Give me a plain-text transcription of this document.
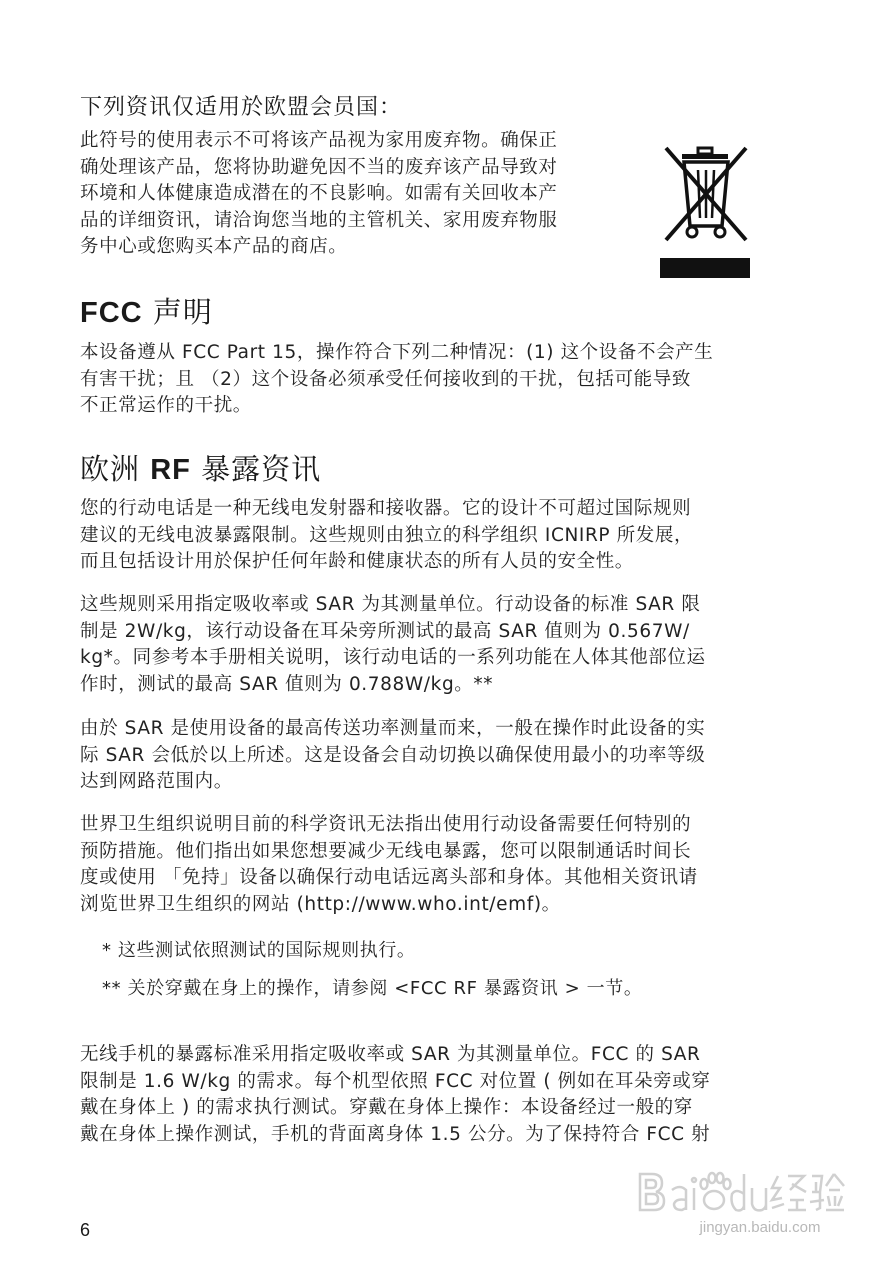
下列资讯仅适用於欧盟会员国：
此符号的使用表示不可将该产品视为家用废弃物。确保正
确处理该产品，您将协助避免因不当的废弃该产品导致对
环境和人体健康造成潜在的不良影响。如需有关回收本产
品的详细资讯，请洽询您当地的主管机关、家用废弃物服
务中心或您购买本产品的商店。
FCC 声明
本设备遵从 FCC Part 15，操作符合下列二种情况：(1) 这个设备不会产生
有害干扰；且 （2）这个设备必须承受任何接收到的干扰，包括可能导致
不正常运作的干扰。
欧洲 RF 暴露资讯
您的行动电话是一种无线电发射器和接收器。它的设计不可超过国际规则
建议的无线电波暴露限制。这些规则由独立的科学组织 ICNIRP 所发展，
而且包括设计用於保护任何年龄和健康状态的所有人员的安全性。
这些规则采用指定吸收率或 SAR 为其测量单位。行动设备的标准 SAR 限
制是 2W/kg，该行动设备在耳朵旁所测试的最高 SAR 值则为 0.567W/
kg*。同参考本手册相关说明，该行动电话的一系列功能在人体其他部位运
作时，测试的最高 SAR 值则为 0.788W/kg。**
由於 SAR 是使用设备的最高传送功率测量而来，一般在操作时此设备的实
际 SAR 会低於以上所述。这是设备会自动切换以确保使用最小的功率等级
达到网路范围内。
世界卫生组织说明目前的科学资讯无法指出使用行动设备需要任何特别的
预防措施。他们指出如果您想要减少无线电暴露，您可以限制通话时间长
度或使用 「免持」设备以确保行动电话远离头部和身体。其他相关资讯请
浏览世界卫生组织的网站 (http://www.who.int/emf)。
* 这些测试依照测试的国际规则执行。
** 关於穿戴在身上的操作，请参阅 <FCC RF 暴露资讯 > 一节。
无线手机的暴露标准采用指定吸收率或 SAR 为其测量单位。FCC 的 SAR
限制是 1.6 W/kg 的需求。每个机型依照 FCC 对位置 ( 例如在耳朵旁或穿
戴在身体上 ) 的需求执行测试。穿戴在身体上操作：本设备经过一般的穿
戴在身体上操作测试，手机的背面离身体 1.5 公分。为了保持符合 FCC 射
6	jingyan.baidu.com
